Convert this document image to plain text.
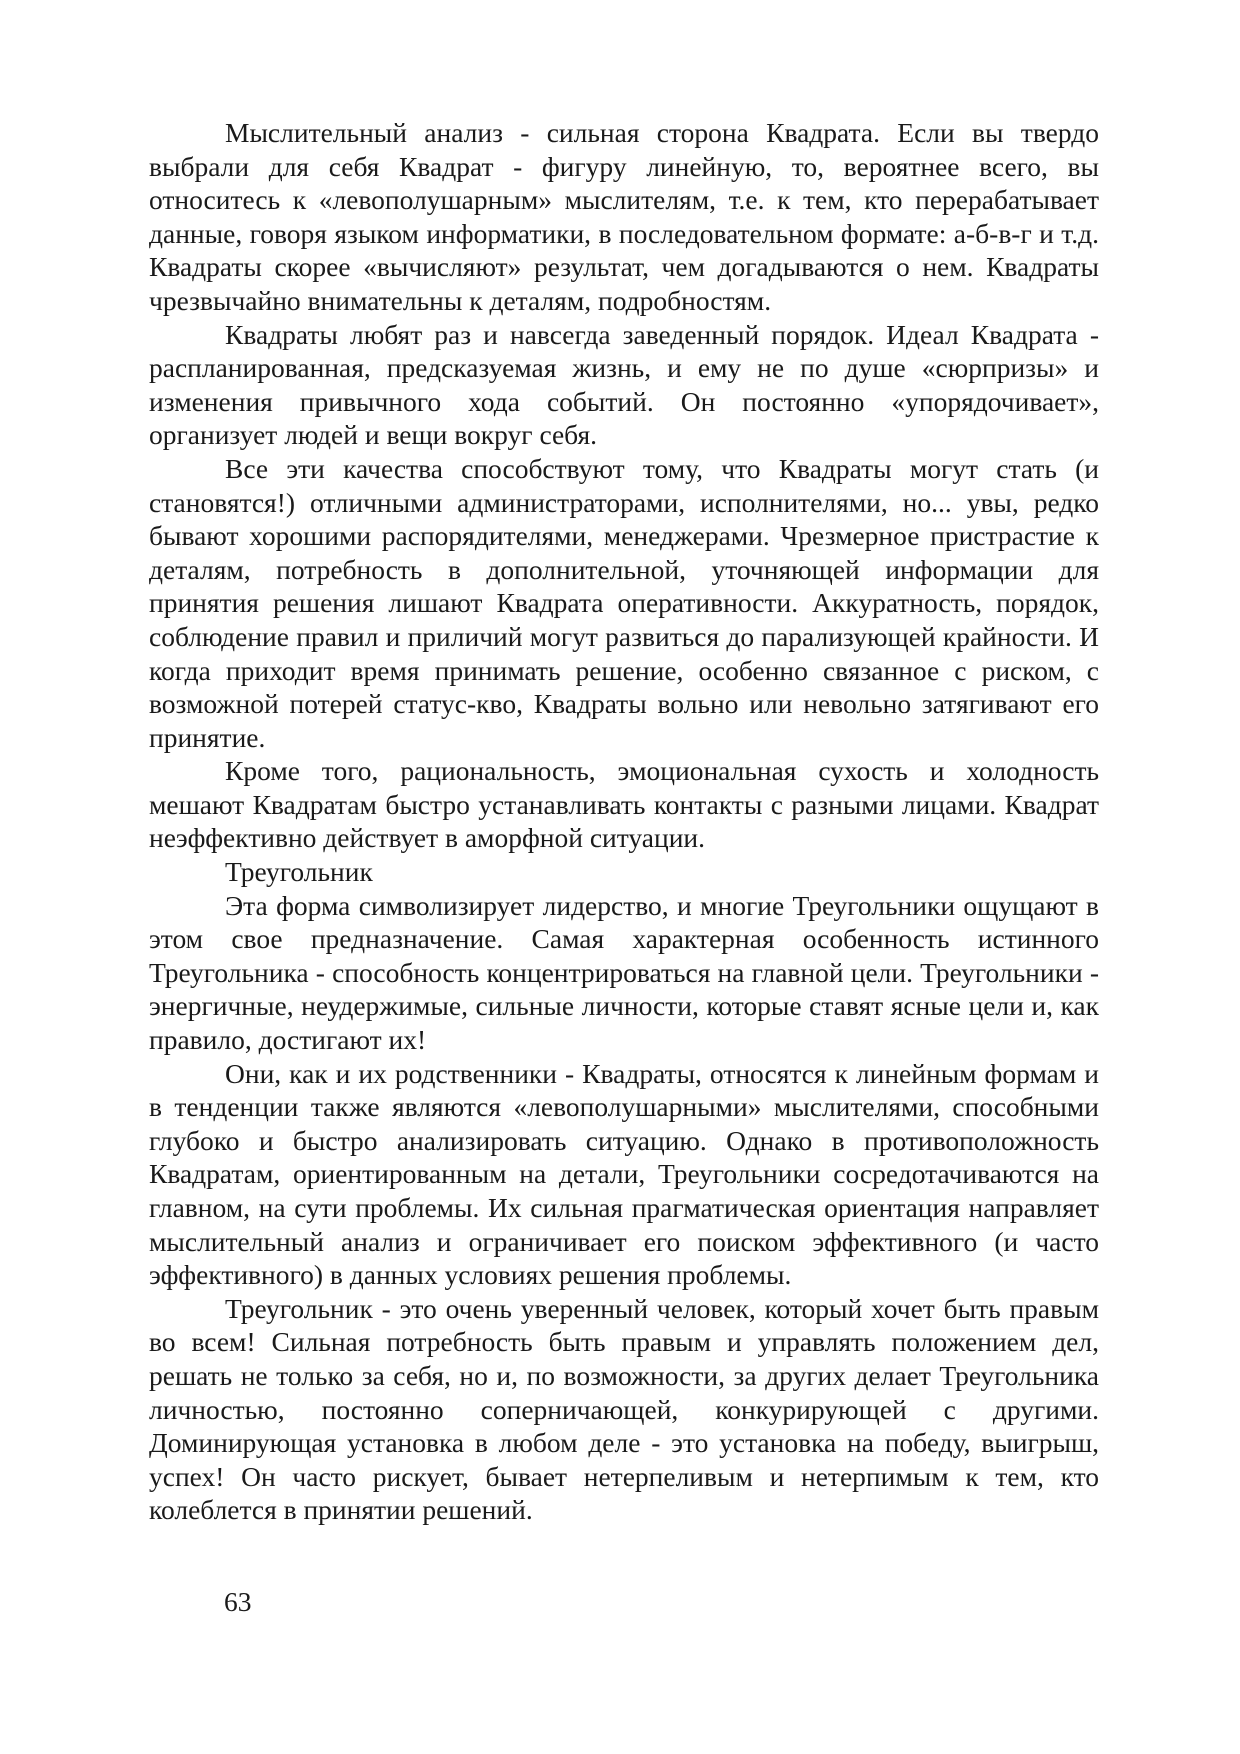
Мыслительный анализ - сильная сторона Квадрата. Если вы твердо выбрали для себя Квадрат - фигуру линейную, то, вероятнее всего, вы относитесь к «левополушарным» мыслителям, т.е. к тем, кто перерабатывает данные, говоря языком информатики, в последовательном формате: а-б-в-г и т.д. Квадраты скорее «вычисляют» результат, чем догадываются о нем. Квадраты чрезвычайно внимательны к деталям, подробностям.

Квадраты любят раз и навсегда заведенный порядок. Идеал Квадрата - распланированная, предсказуемая жизнь, и ему не по душе «сюрпризы» и изменения привычного хода событий. Он постоянно «упорядочивает», организует людей и вещи вокруг себя.

Все эти качества способствуют тому, что Квадраты могут стать (и становятся!) отличными администраторами, исполнителями, но... увы, редко бывают хорошими распорядителями, менеджерами. Чрезмерное пристрастие к деталям, потребность в дополнительной, уточняющей информации для принятия решения лишают Квадрата оперативности. Аккуратность, порядок, соблюдение правил и приличий могут развиться до парализующей крайности. И когда приходит время принимать решение, особенно связанное с риском, с возможной потерей статус-кво, Квадраты вольно или невольно затягивают его принятие.

Кроме того, рациональность, эмоциональная сухость и холодность мешают Квадратам быстро устанавливать контакты с разными лицами. Квадрат неэффективно действует в аморфной ситуации.

Треугольник

Эта форма символизирует лидерство, и многие Треугольники ощущают в этом свое предназначение. Самая характерная особенность истинного Треугольника - способность концентрироваться на главной цели. Треугольники - энергичные, неудержимые, сильные личности, которые ставят ясные цели и, как правило, достигают их!

Они, как и их родственники - Квадраты, относятся к линейным формам и в тенденции также являются «левополушарными» мыслителями, способными глубоко и быстро анализировать ситуацию. Однако в противоположность Квадратам, ориентированным на детали, Треугольники сосредотачиваются на главном, на сути проблемы. Их сильная прагматическая ориентация направляет мыслительный анализ и ограничивает его поиском эффективного (и часто эффективного) в данных условиях решения проблемы.

Треугольник - это очень уверенный человек, который хочет быть правым во всем! Сильная потребность быть правым и управлять положением дел, решать не только за себя, но и, по возможности, за других делает Треугольника личностью, постоянно соперничающей, конкурирующей с другими. Доминирующая установка в любом деле - это установка на победу, выигрыш, успех! Он часто рискует, бывает нетерпеливым и нетерпимым к тем, кто колеблется в принятии решений.

63
